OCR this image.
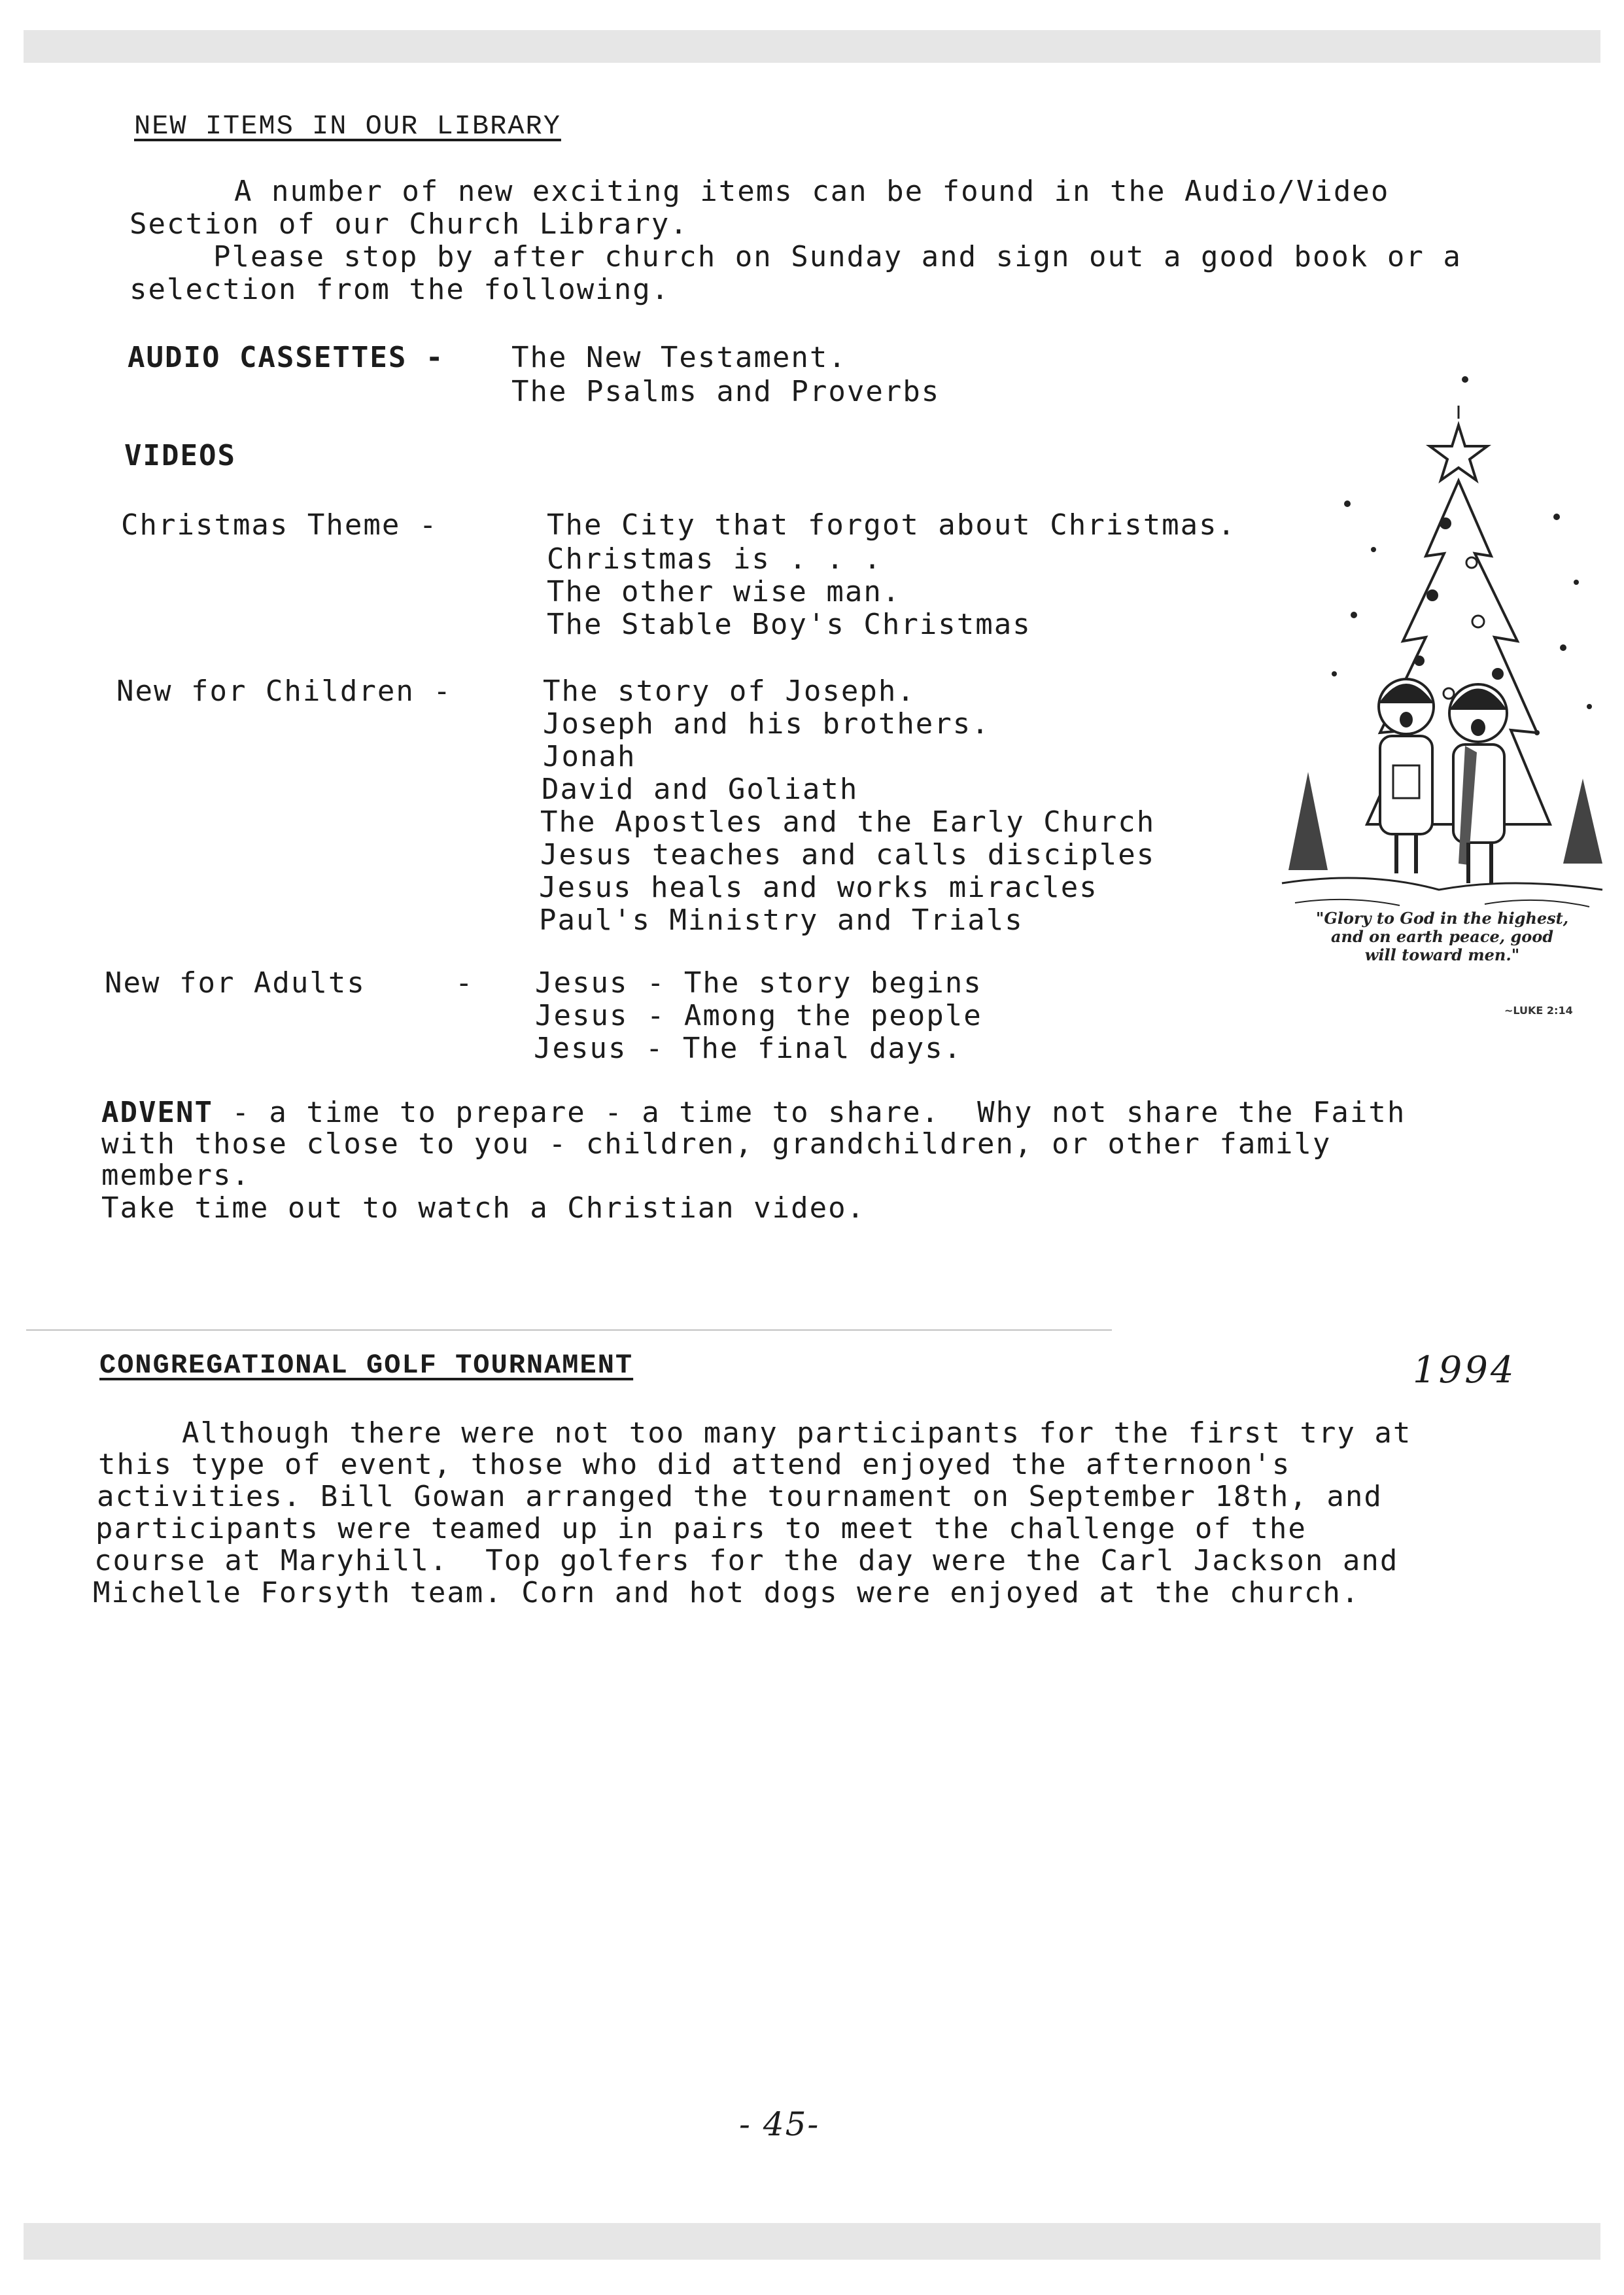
NEW ITEMS IN OUR LIBRARY
A number of new exciting items can be found in the Audio/Video
Section of our Church Library.
Please stop by after church on Sunday and sign out a good book or a
selection from the following.
AUDIO CASSETTES - The New Testament.
The Psalms and Proverbs
VIDEOS
Christmas Theme -	The City that forgot about Christmas.
Christmas is . . .
The other wise man.
The Stable Boy's Christmas
New for Children -	The story of Joseph.
Joseph and his brothers.
Jonah
David and Goliath
The Apostles and the Early Church
Jesus teaches and calls disciples
Jesus heals and works miracles
Paul's Ministry and Trials
New for Adults	- Jesus - The story begins
Jesus - Among the people
Jesus - The final days.
ADVENT - a time to prepare - a time to share.  Why not share the Faith
with those close to you - children, grandchildren, or other family
members.
Take time out to watch a Christian video.
"Glory to God in the highest,
and on earth peace, good
will toward men."
~LUKE 2:14
CONGREGATIONAL GOLF TOURNAMENT	1994
Although there were not too many participants for the first try at
this type of event, those who did attend enjoyed the afternoon's
activities. Bill Gowan arranged the tournament on September 18th, and
participants were teamed up in pairs to meet the challenge of the
course at Maryhill.  Top golfers for the day were the Carl Jackson and
Michelle Forsyth team. Corn and hot dogs were enjoyed at the church.
- 45-
